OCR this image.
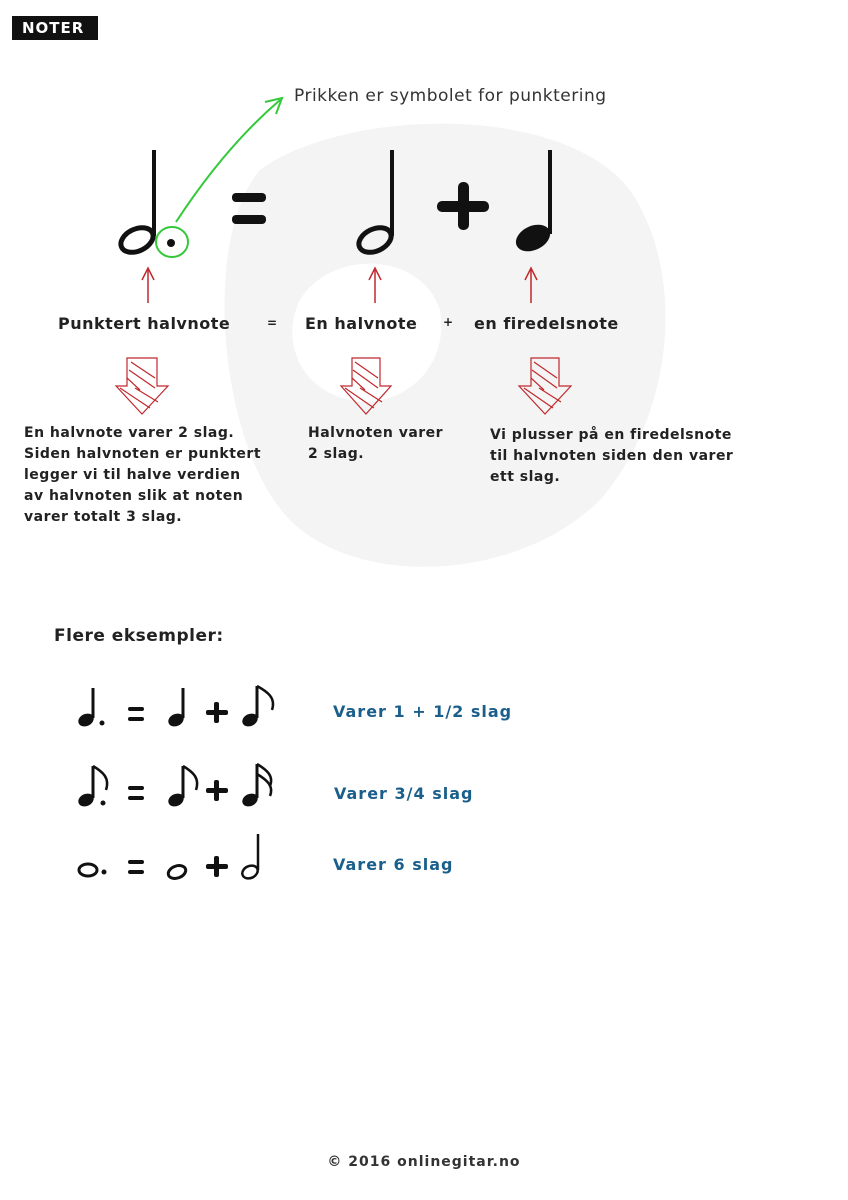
NOTER
Prikken er symbolet for punktering
Punktert halvnote	= En halvnote + en firedelsnote
En halvnote varer 2 slag.
Siden halvnoten er punktert
legger vi til halve verdien
av halvnoten slik at noten
varer totalt 3 slag.
Halvnoten varer
2 slag.
Vi plusser på en firedelsnote
til halvnoten siden den varer
ett slag.
Flere eksempler:
Varer 1 + 1/2 slag
Varer 3/4 slag
Varer 6 slag
© 2016 onlinegitar.no
